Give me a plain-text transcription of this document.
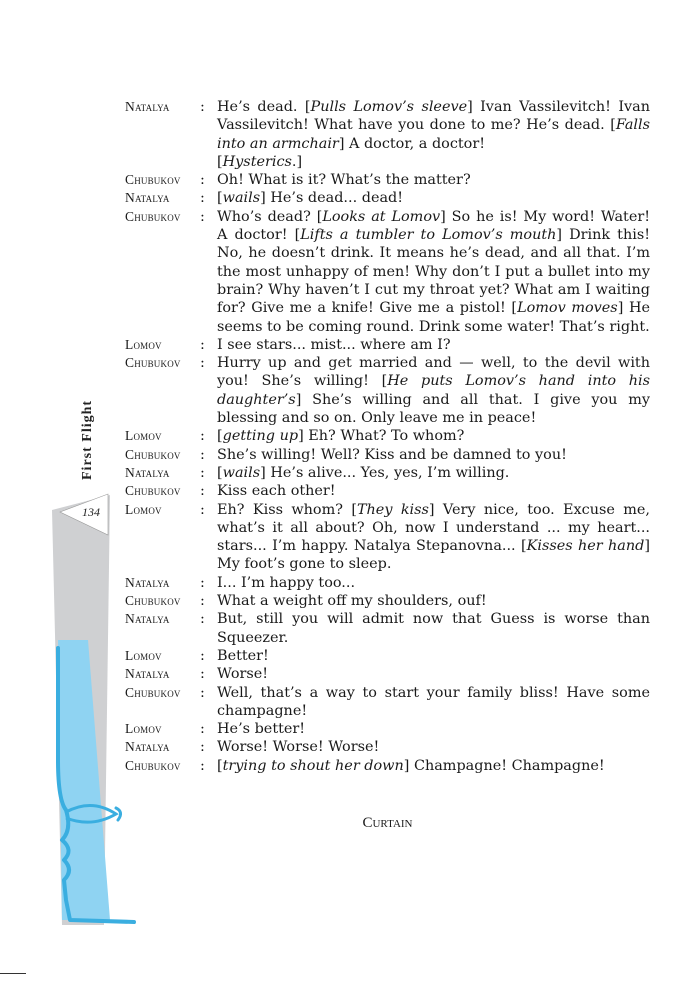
First Flight
134
Natalya	: He’s dead. [Pulls Lomov’s sleeve] Ivan Vassilevitch! Ivan Vassilevitch! What have you done to me? He’s dead. [Falls into an armchair] A doctor, a doctor!
[Hysterics.]
Chubukov	: Oh! What is it? What’s the matter?
Natalya	: [wails] He’s dead... dead!
Chubukov	: Who’s dead? [Looks at Lomov] So he is! My word! Water! A doctor! [Lifts a tumbler to Lomov’s mouth] Drink this! No, he doesn’t drink. It means he’s dead, and all that. I’m the most unhappy of men! Why don’t I put a bullet into my brain? Why haven’t I cut my throat yet? What am I waiting for? Give me a knife! Give me a pistol! [Lomov moves] He seems to be coming round. Drink some water! That’s right.
Lomov	: I see stars... mist... where am I?
Chubukov	: Hurry up and get married and — well, to the devil with you! She’s willing! [He puts Lomov’s hand into his daughter’s] She’s willing and all that. I give you my blessing and so on. Only leave me in peace!
Lomov	: [getting up] Eh? What? To whom?
Chubukov	: She’s willing! Well? Kiss and be damned to you!
Natalya	: [wails] He’s alive... Yes, yes, I’m willing.
Chubukov	: Kiss each other!
Lomov	: Eh? Kiss whom? [They kiss] Very nice, too. Excuse me, what’s it all about? Oh, now I understand ... my heart... stars... I’m happy. Natalya Stepanovna... [Kisses her hand] My foot’s gone to sleep.
Natalya	: I... I’m happy too...
Chubukov	: What a weight off my shoulders, ouf!
Natalya	: But, still you will admit now that Guess is worse than Squeezer.
Lomov	: Better!
Natalya	: Worse!
Chubukov	: Well, that’s a way to start your family bliss! Have some champagne!
Lomov	: He’s better!
Natalya	: Worse! Worse! Worse!
Chubukov	: [trying to shout her down] Champagne! Champagne!
Curtain
